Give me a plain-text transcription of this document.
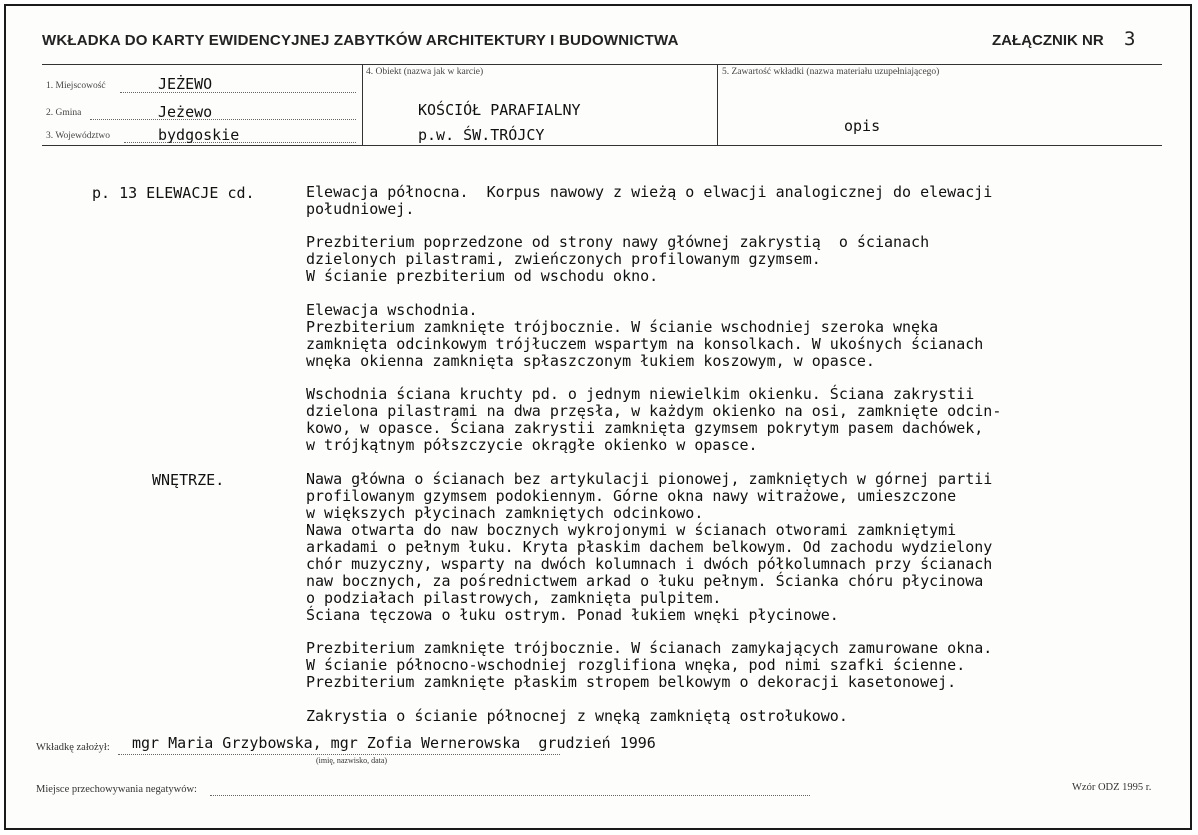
WKŁADKA DO KARTY EWIDENCYJNEJ ZABYTKÓW ARCHITEKTURY I BUDOWNICTWA	ZAŁĄCZNIK NR 3
1. Miejscowość	JEŻEWO
2. Gmina	Jeżewo
3. Województwo	bydgoskie
4. Obiekt (nazwa jak w karcie)
KOŚCIÓŁ PARAFIALNY
p.w. ŚW.TRÓJCY
5. Zawartość wkładki (nazwa materiału uzupełniającego)
opis
p. 13 ELEWACJE cd.
WNĘTRZE.
Elewacja północna.  Korpus nawowy z wieżą o elwacji analogicznej do elewacji
południowej.
Prezbiterium poprzedzone od strony nawy głównej zakrystią  o ścianach
dzielonych pilastrami, zwieńczonych profilowanym gzymsem.
W ścianie prezbiterium od wschodu okno.
Elewacja wschodnia.
Prezbiterium zamknięte trójbocznie. W ścianie wschodniej szeroka wnęka
zamknięta odcinkowym trójłuczem wspartym na konsolkach. W ukośnych ścianach
wnęka okienna zamknięta spłaszczonym łukiem koszowym, w opasce.
Wschodnia ściana kruchty pd. o jednym niewielkim okienku. Ściana zakrystii
dzielona pilastrami na dwa przęsła, w każdym okienko na osi, zamknięte odcin-
kowo, w opasce. Ściana zakrystii zamknięta gzymsem pokrytym pasem dachówek,
w trójkątnym półszczycie okrągłe okienko w opasce.
Nawa główna o ścianach bez artykulacji pionowej, zamkniętych w górnej partii
profilowanym gzymsem podokiennym. Górne okna nawy witrażowe, umieszczone
w większych płycinach zamkniętych odcinkowo.
Nawa otwarta do naw bocznych wykrojonymi w ścianach otworami zamkniętymi
arkadami o pełnym łuku. Kryta płaskim dachem belkowym. Od zachodu wydzielony
chór muzyczny, wsparty na dwóch kolumnach i dwóch półkolumnach przy ścianach
naw bocznych, za pośrednictwem arkad o łuku pełnym. Ścianka chóru płycinowa
o podziałach pilastrowych, zamknięta pulpitem.
Ściana tęczowa o łuku ostrym. Ponad łukiem wnęki płycinowe.
Prezbiterium zamknięte trójbocznie. W ścianach zamykających zamurowane okna.
W ścianie północno-wschodniej rozglifiona wnęka, pod nimi szafki ścienne.
Prezbiterium zamknięte płaskim stropem belkowym o dekoracji kasetonowej.
Zakrystia o ścianie północnej z wnęką zamkniętą ostrołukowo.
Wkładkę założył: mgr Maria Grzybowska, mgr Zofia Wernerowska  grudzień 1996
(imię, nazwisko, data)
Miejsce przechowywania negatywów:	Wzór ODZ 1995 r.
